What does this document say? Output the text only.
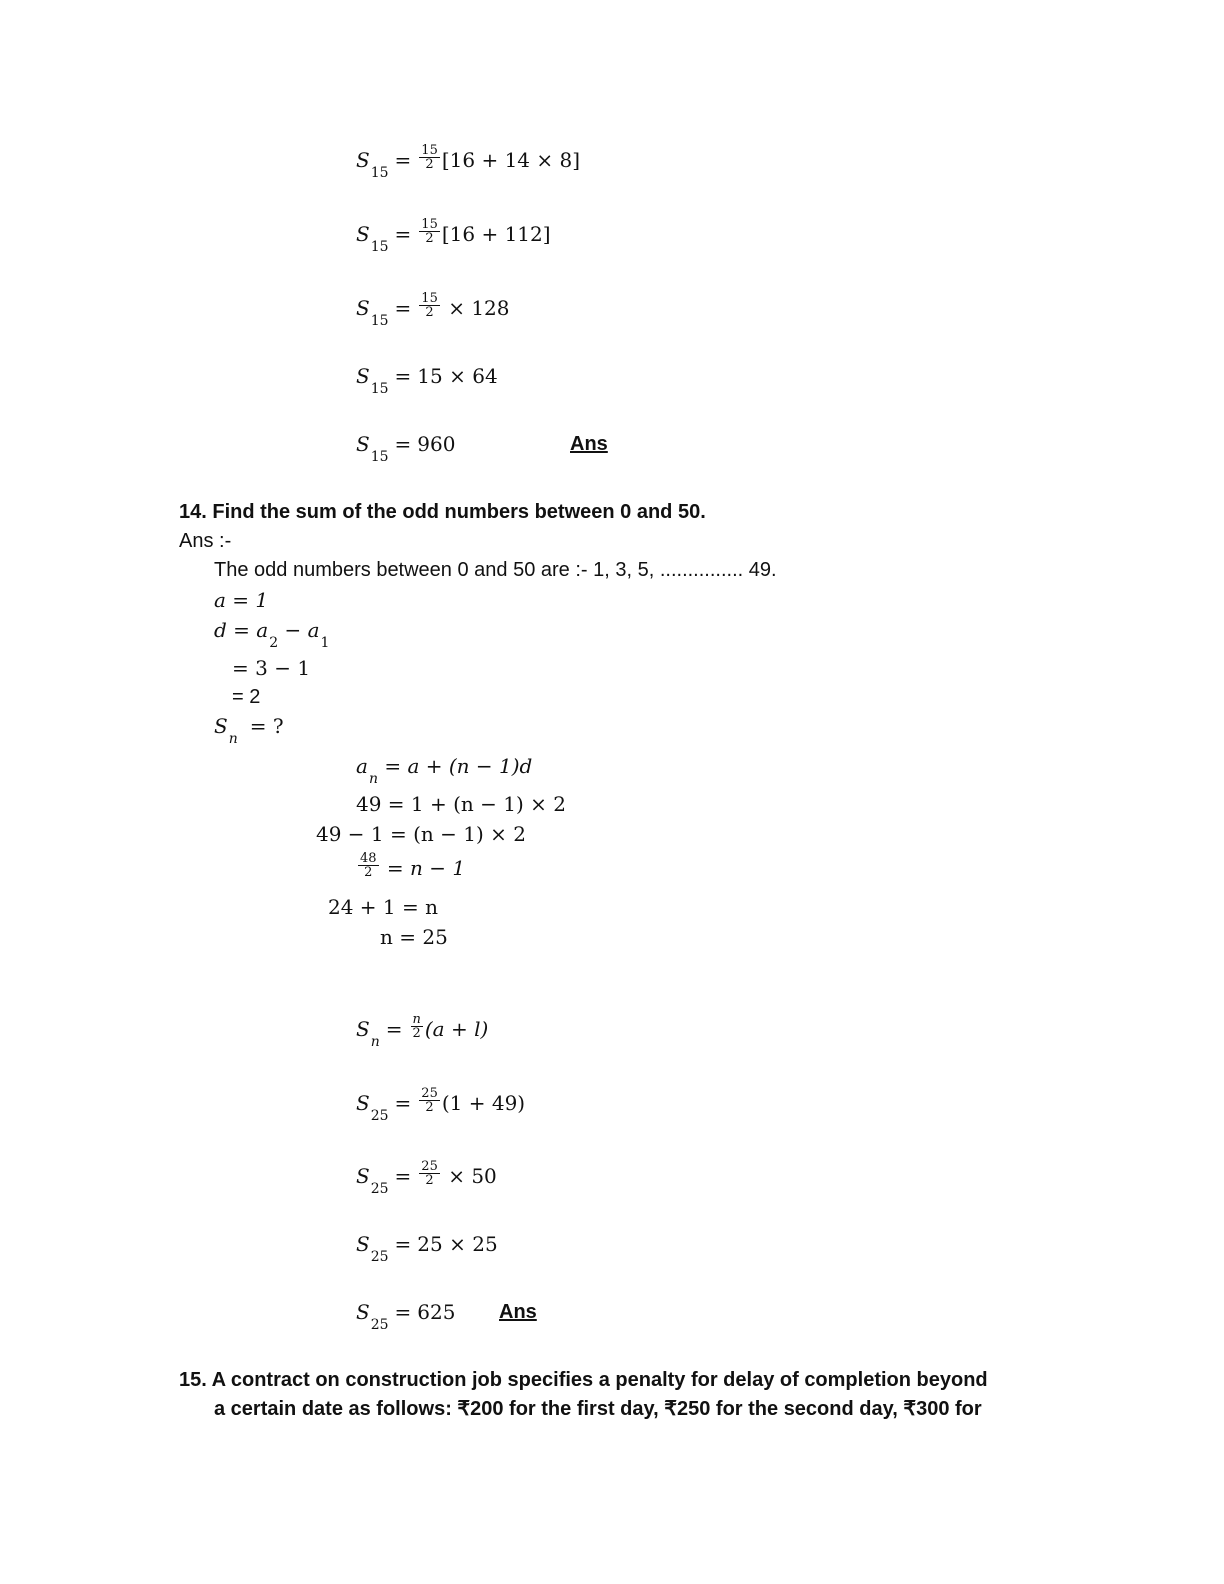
$S_{15}= \frac{15}{2} [16 + 14 \times 8]$
$S_{15}= \frac{15}{2} [16 + 112]$
$S_{15}= \frac{15}{2} \times 128$
$S_{15}= 15 \times 64$
$S_{15}= 960$	Ans
14. Find the sum of the odd numbers between 0 and 50.
Ans :-
The odd numbers between 0 and 50 are :- 1, 3, 5, ............... 49.
a = 1
$d = a_2 - a_1$
= 3 − 1
= 2
$S_n=$ ?
$a_n = a + (n - 1)d$
49 = 1 + (n − 1) × 2
49 − 1 = (n − 1) × 2
$\frac{48}{2} = n - 1$
24 + 1 = n
n = 25
$S_n= \frac{n}{2} (a + l)$
$S_{25}= \frac{25}{2} (1 + 49)$
$S_{25}= \frac{25}{2} \times 50$
$S_{25}= 25 \times 25$
$S_{25}= 625$ Ans
15. A contract on construction job specifies a penalty for delay of completion beyond
a certain date as follows: ₹200 for the first day, ₹250 for the second day, ₹300 for
